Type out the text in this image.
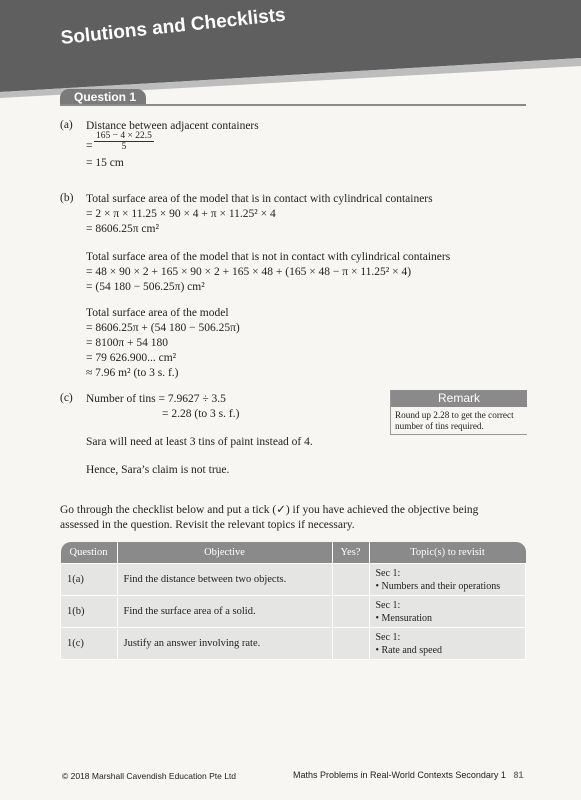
Solutions and Checklists
Question 1
(a) Distance between adjacent containers
= $\frac{165 - 4 \times 22.5}{5}$
= 15 cm
(b) Total surface area of the model that is in contact with cylindrical containers
= 2 × π × 11.25 × 90 × 4 + π × 11.25² × 4
= 8606.25π cm²
Total surface area of the model that is not in contact with cylindrical containers
= 48 × 90 × 2 + 165 × 90 × 2 + 165 × 48 + (165 × 48 − π × 11.25² × 4)
= (54 180 − 506.25π) cm²
Total surface area of the model
= 8606.25π + (54 180 − 506.25π)
= 8100π + 54 180
= 79 626.900... cm²
≈ 7.96 m² (to 3 s. f.)
(c) Number of tins = 7.9627 ÷ 3.5
= 2.28 (to 3 s. f.)
Sara will need at least 3 tins of paint instead of 4.
Hence, Sara’s claim is not true.
Remark
Round up 2.28 to get the correct number of tins required.
Go through the checklist below and put a tick (✓) if you have achieved the objective being
assessed in the question. Revisit the relevant topics if necessary.
Question	Objective	Yes?	Topic(s) to revisit
1(a)	Find the distance between two objects.		Sec 1:
• Numbers and their operations

1(b)	Find the surface area of a solid.		Sec 1:
• Mensuration

1(c)	Justify an answer involving rate.		Sec 1:
• Rate and speed
© 2018 Marshall Cavendish Education Pte Ltd	Maths Problems in Real-World Contexts Secondary 1 81
